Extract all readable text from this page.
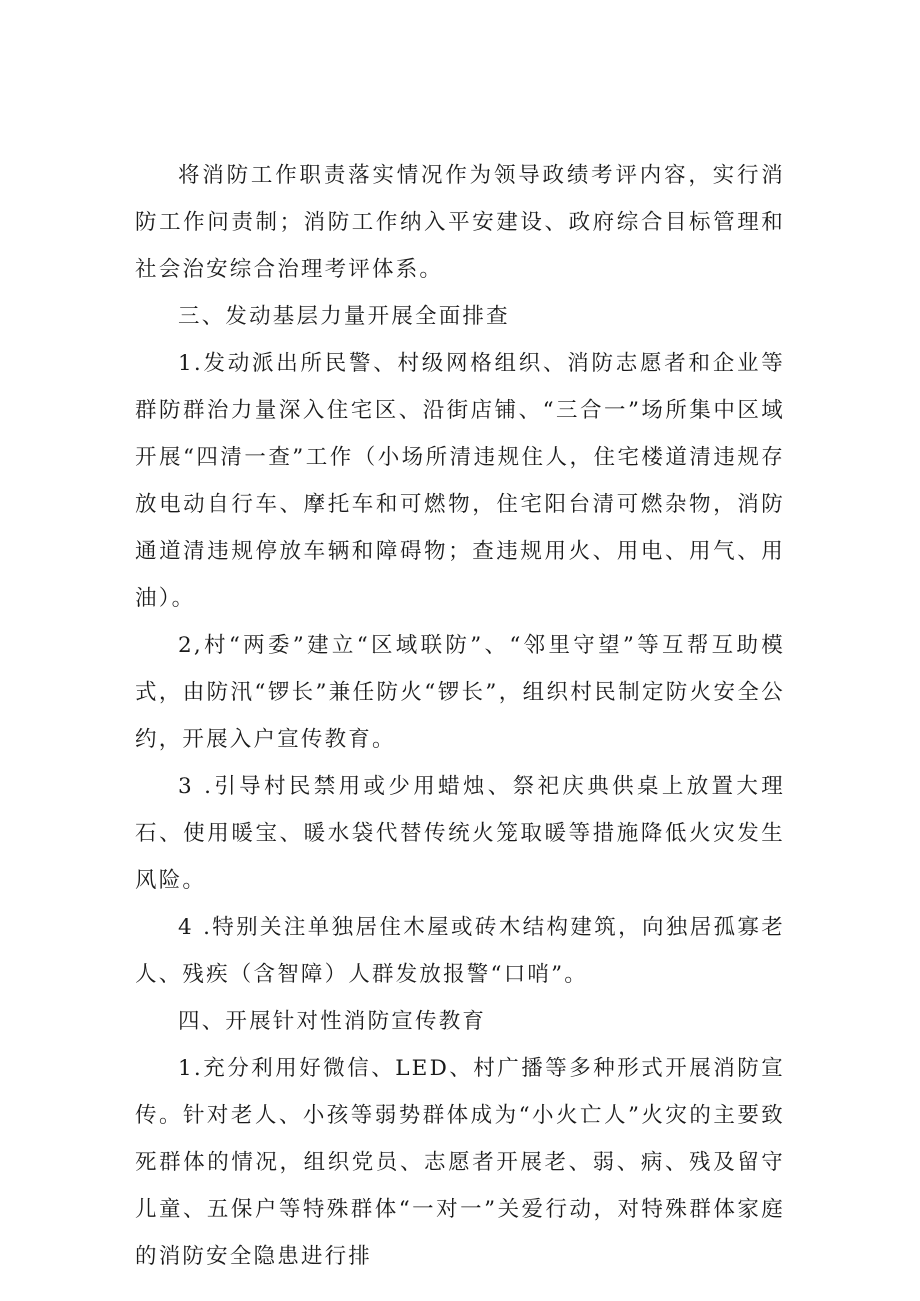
将消防工作职责落实情况作为领导政绩考评内容，实行消防工作问责制；消防工作纳入平安建设、政府综合目标管理和社会治安综合治理考评体系。

三、发动基层力量开展全面排查

1.发动派出所民警、村级网格组织、消防志愿者和企业等群防群治力量深入住宅区、沿街店铺、“三合一”场所集中区域开展“四清一查”工作（小场所清违规住人，住宅楼道清违规存放电动自行车、摩托车和可燃物，住宅阳台清可燃杂物，消防通道清违规停放车辆和障碍物；查违规用火、用电、用气、用油）。

2,村“两委”建立“区域联防”、“邻里守望”等互帮互助模式，由防汛“锣长”兼任防火“锣长”，组织村民制定防火安全公约，开展入户宣传教育。

3 .引导村民禁用或少用蜡烛、祭祀庆典供桌上放置大理石、使用暖宝、暖水袋代替传统火笼取暖等措施降低火灾发生风险。

4 .特别关注单独居住木屋或砖木结构建筑，向独居孤寡老人、残疾（含智障）人群发放报警“口哨”。

四、开展针对性消防宣传教育

1.充分利用好微信、LED、村广播等多种形式开展消防宣传。针对老人、小孩等弱势群体成为“小火亡人”火灾的主要致死群体的情况，组织党员、志愿者开展老、弱、病、残及留守儿童、五保户等特殊群体“一对一”关爱行动，对特殊群体家庭的消防安全隐患进行排
